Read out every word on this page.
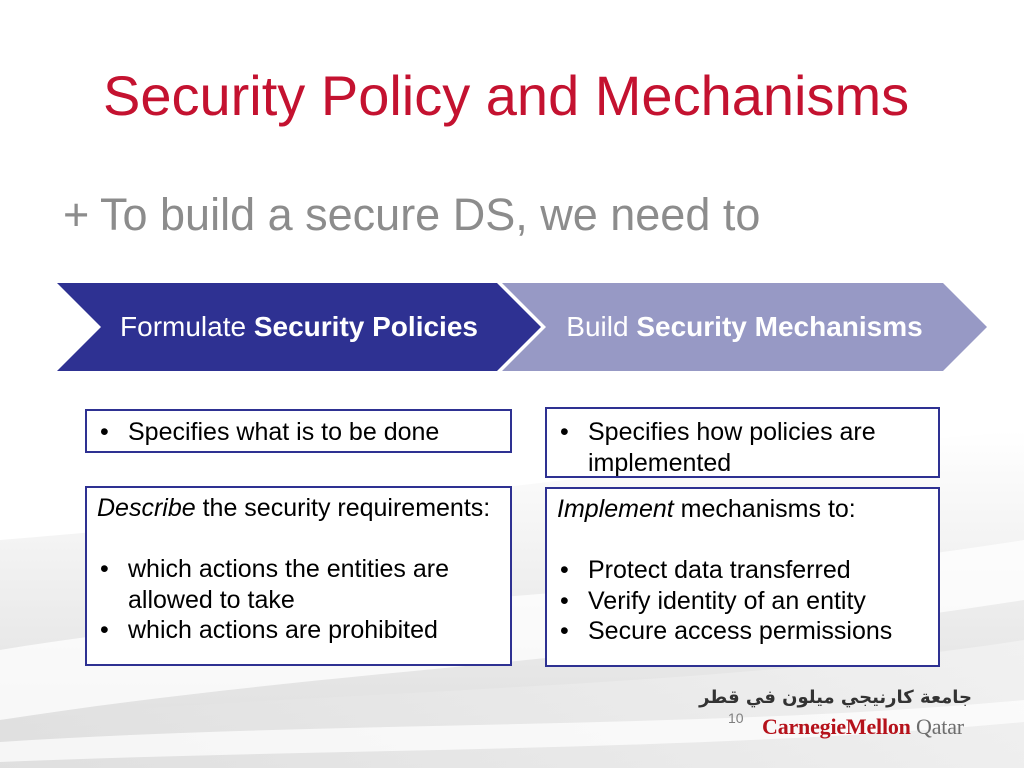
Security Policy and Mechanisms
+ To build a secure DS, we need to
Formulate Security Policies	Build Security Mechanisms
• Specifies what is to be done	• Specifies how policies are implemented
Describe the security requirements:
• which actions the entities are allowed to take
• which actions are prohibited
Implement mechanisms to:
• Protect data transferred
• Verify identity of an entity
• Secure access permissions
10
جامعة كارنيجي ميلون في قطر
CarnegieMellon Qatar
